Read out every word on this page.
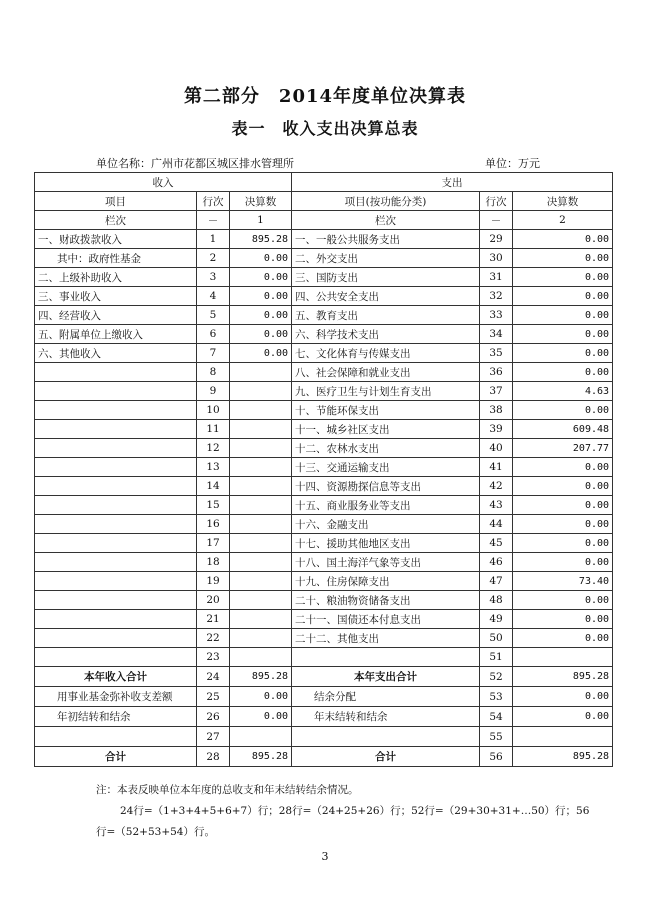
第二部分　2014年度单位决算表
表一　收入支出决算总表
单位名称：广州市花都区城区排水管理所	单位：万元
收入			支出		
项目	行次	决算数	项目(按功能分类)	行次	决算数
栏次	－	1	栏次	－	2
一、财政拨款收入	1	895.28	一、一般公共服务支出	29	0.00
其中：政府性基金	2	0.00	二、外交支出	30	0.00
二、上级补助收入	3	0.00	三、国防支出	31	0.00
三、事业收入	4	0.00	四、公共安全支出	32	0.00
四、经营收入	5	0.00	五、教育支出	33	0.00
五、附属单位上缴收入	6	0.00	六、科学技术支出	34	0.00
六、其他收入	7	0.00	七、文化体育与传媒支出	35	0.00
	8		八、社会保障和就业支出	36	0.00
	9		九、医疗卫生与计划生育支出	37	4.63
	10		十、节能环保支出	38	0.00
	11		十一、城乡社区支出	39	609.48
	12		十二、农林水支出	40	207.77
	13		十三、交通运输支出	41	0.00
	14		十四、资源勘探信息等支出	42	0.00
	15		十五、商业服务业等支出	43	0.00
	16		十六、金融支出	44	0.00
	17		十七、援助其他地区支出	45	0.00
	18		十八、国土海洋气象等支出	46	0.00
	19		十九、住房保障支出	47	73.40
	20		二十、粮油物资储备支出	48	0.00
	21		二十一、国债还本付息支出	49	0.00
	22		二十二、其他支出	50	0.00
	23			51	
本年收入合计	24	895.28	本年支出合计	52	895.28
用事业基金弥补收支差额	25	0.00	结余分配	53	0.00
年初结转和结余	26	0.00	年末结转和结余	54	0.00
	27			55	
合计	28	895.28	合计	56	895.28
注：本表反映单位本年度的总收支和年末结转结余情况。
24行=（1+3+4+5+6+7）行；28行=（24+25+26）行；52行=（29+30+31+…50）行；56
行=（52+53+54）行。
3
